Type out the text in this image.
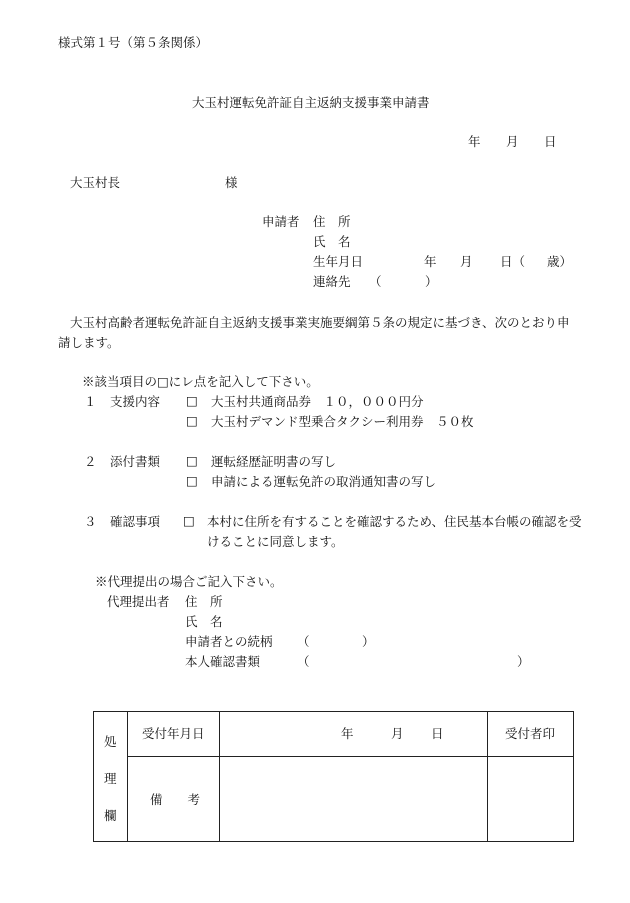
様式第１号（第５条関係）
大玉村運転免許証自主返納支援事業申請書
年 月 日
大玉村長	様
申請者 住　所
氏　名
生年月日	年 月 日（ 歳）
連絡先 （	）
大玉村高齢者運転免許証自主返納支援事業実施要綱第５条の規定に基づき、次のとおり申請します。
※該当項目の□にレ点を記入して下さい。
１ 支援内容 □ 大玉村共通商品券　１０，０００円分
□ 大玉村デマンド型乗合タクシー利用券　５０枚
２ 添付書類 □ 運転経歴証明書の写し
□ 申請による運転免許の取消通知書の写し
３ 確認事項 □ 本村に住所を有することを確認するため、住民基本台帳の確認を受
けることに同意します。
※代理提出の場合ご記入下さい。
代理提出者 住　所
氏　名
申請者との続柄 （	）
本人確認書類	（	）
処
理
欄
受付年月日	年	月 日	受付者印
備　　考
